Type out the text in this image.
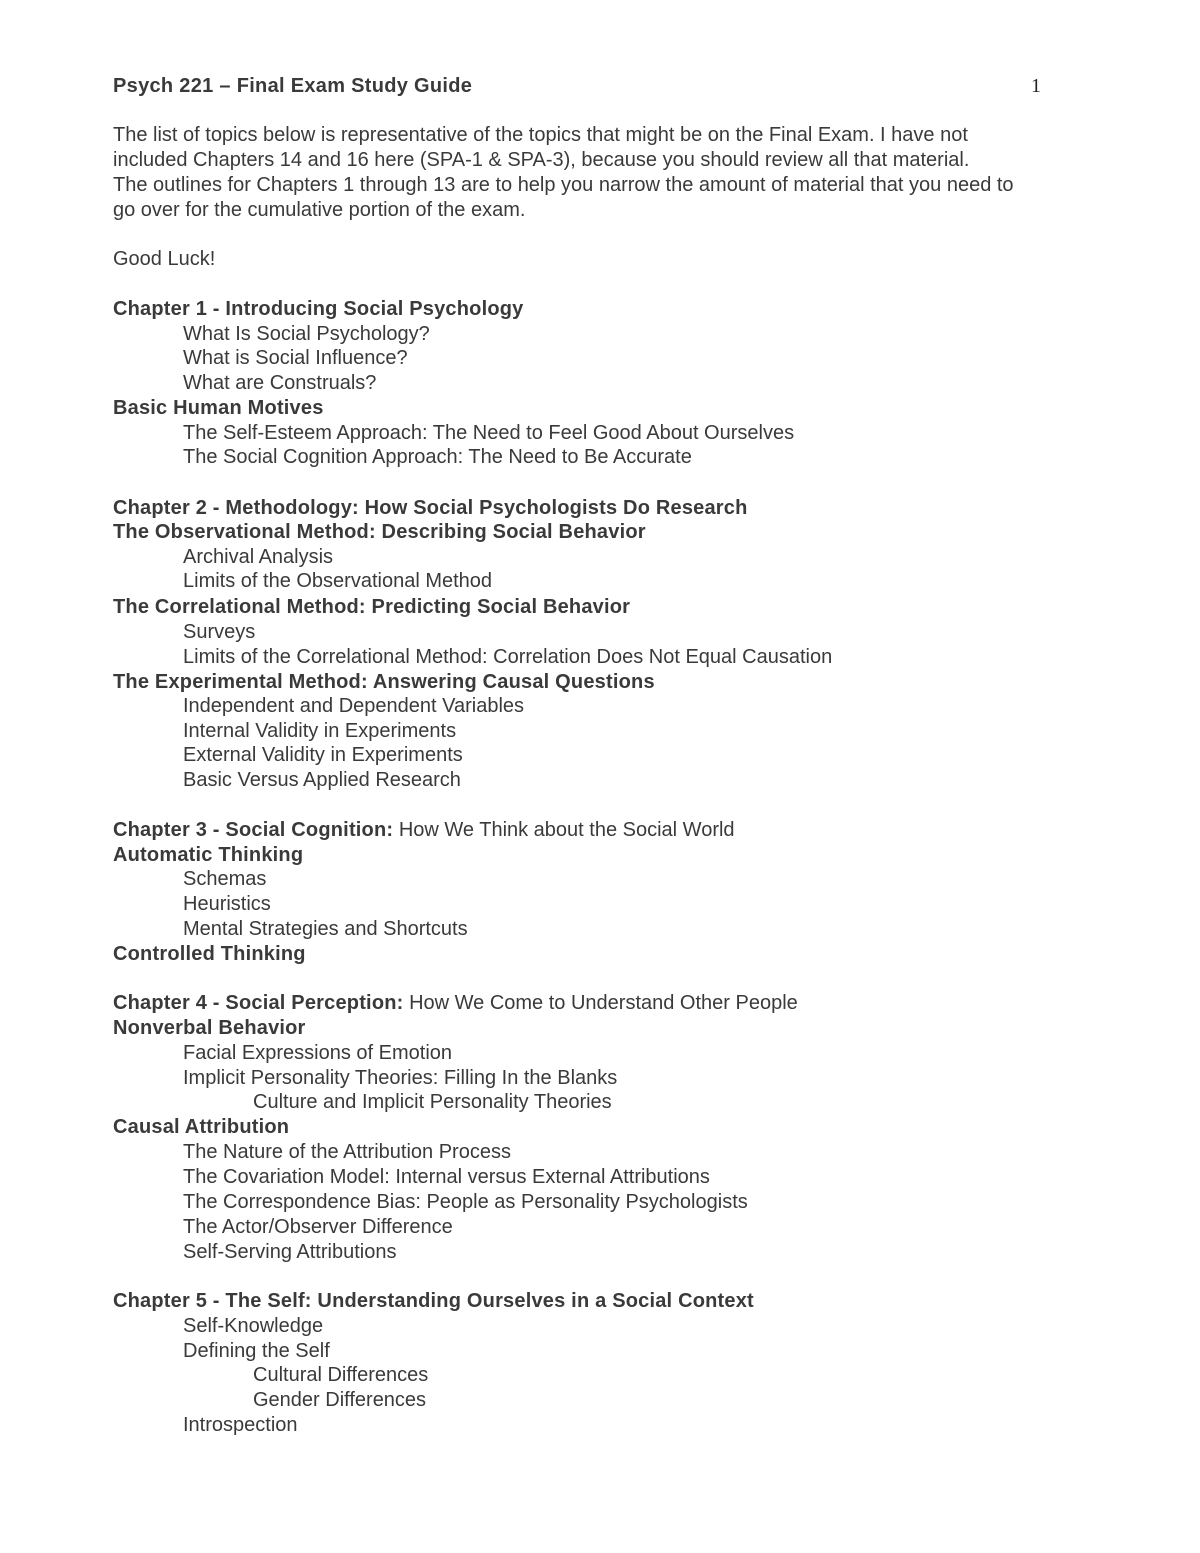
Psych 221 – Final Exam Study Guide	1
The list of topics below is representative of the topics that might be on the Final Exam. I have not
included Chapters 14 and 16 here (SPA-1 & SPA-3), because you should review all that material.
The outlines for Chapters 1 through 13 are to help you narrow the amount of material that you need to
go over for the cumulative portion of the exam.
Good Luck!
Chapter 1 - Introducing Social Psychology
What Is Social Psychology?
What is Social Influence?
What are Construals?
Basic Human Motives
The Self-Esteem Approach: The Need to Feel Good About Ourselves
The Social Cognition Approach: The Need to Be Accurate
Chapter 2 - Methodology: How Social Psychologists Do Research
The Observational Method: Describing Social Behavior
Archival Analysis
Limits of the Observational Method
The Correlational Method: Predicting Social Behavior
Surveys
Limits of the Correlational Method: Correlation Does Not Equal Causation
The Experimental Method: Answering Causal Questions
Independent and Dependent Variables
Internal Validity in Experiments
External Validity in Experiments
Basic Versus Applied Research
Chapter 3 - Social Cognition: How We Think about the Social World
Automatic Thinking
Schemas
Heuristics
Mental Strategies and Shortcuts
Controlled Thinking
Chapter 4 - Social Perception: How We Come to Understand Other People
Nonverbal Behavior
Facial Expressions of Emotion
Implicit Personality Theories: Filling In the Blanks
Culture and Implicit Personality Theories
Causal Attribution
The Nature of the Attribution Process
The Covariation Model: Internal versus External Attributions
The Correspondence Bias: People as Personality Psychologists
The Actor/Observer Difference
Self-Serving Attributions
Chapter 5 - The Self: Understanding Ourselves in a Social Context
Self-Knowledge
Defining the Self
Cultural Differences
Gender Differences
Introspection
